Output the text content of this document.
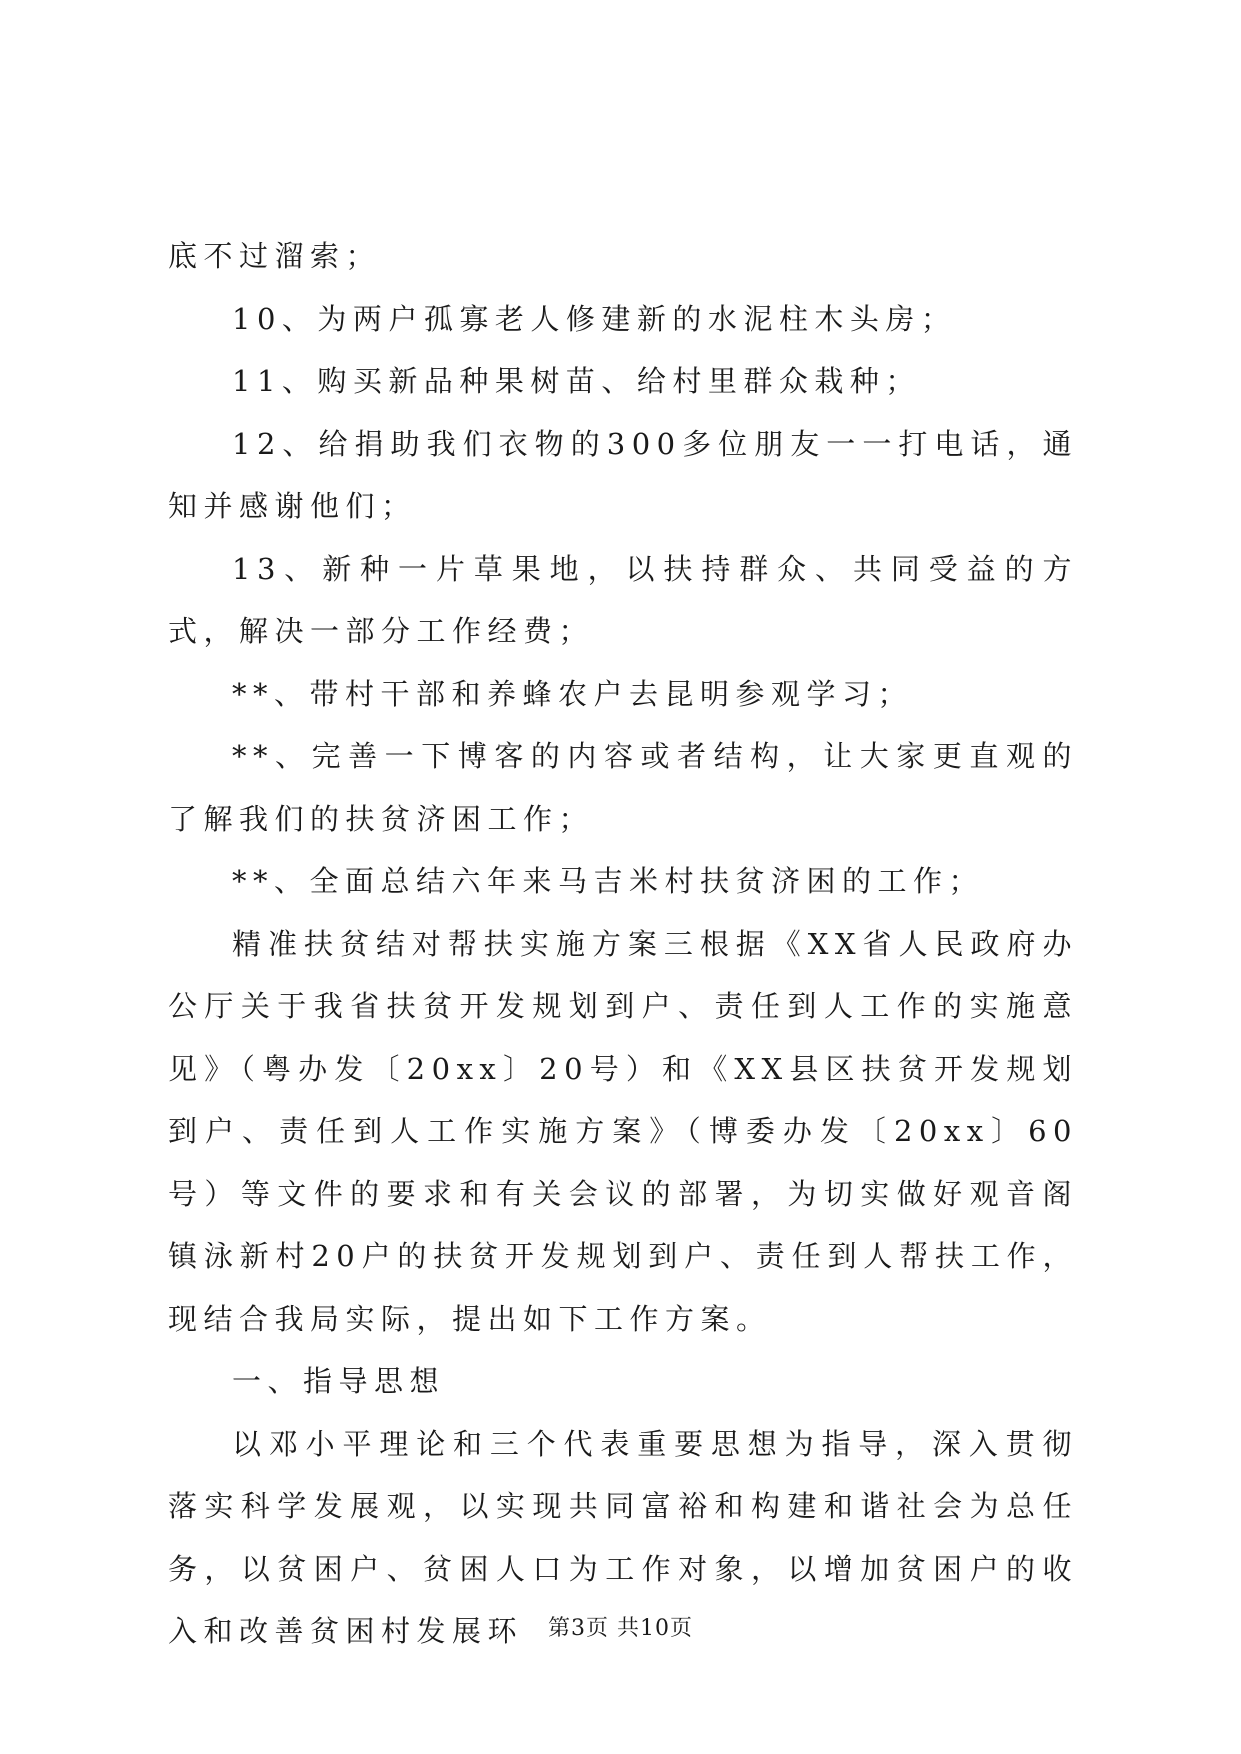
底不过溜索；

10、为两户孤寡老人修建新的水泥柱木头房；

11、购买新品种果树苗、给村里群众栽种；

12、给捐助我们衣物的300多位朋友一一打电话，通知并感谢他们；

13、新种一片草果地，以扶持群众、共同受益的方式，解决一部分工作经费；

**、带村干部和养蜂农户去昆明参观学习；

**、完善一下博客的内容或者结构，让大家更直观的了解我们的扶贫济困工作；

**、全面总结六年来马吉米村扶贫济困的工作；

精准扶贫结对帮扶实施方案三根据《XX省人民政府办公厅关于我省扶贫开发规划到户、责任到人工作的实施意见》（粤办发〔20xx〕20号）和《XX县区扶贫开发规划到户、责任到人工作实施方案》（博委办发〔20xx〕60号）等文件的要求和有关会议的部署，为切实做好观音阁镇泳新村20户的扶贫开发规划到户、责任到人帮扶工作，现结合我局实际，提出如下工作方案。

一、指导思想

以邓小平理论和三个代表重要思想为指导，深入贯彻落实科学发展观，以实现共同富裕和构建和谐社会为总任务，以贫困户、贫困人口为工作对象，以增加贫困户的收入和改善贫困村发展环	第3页 共10页
